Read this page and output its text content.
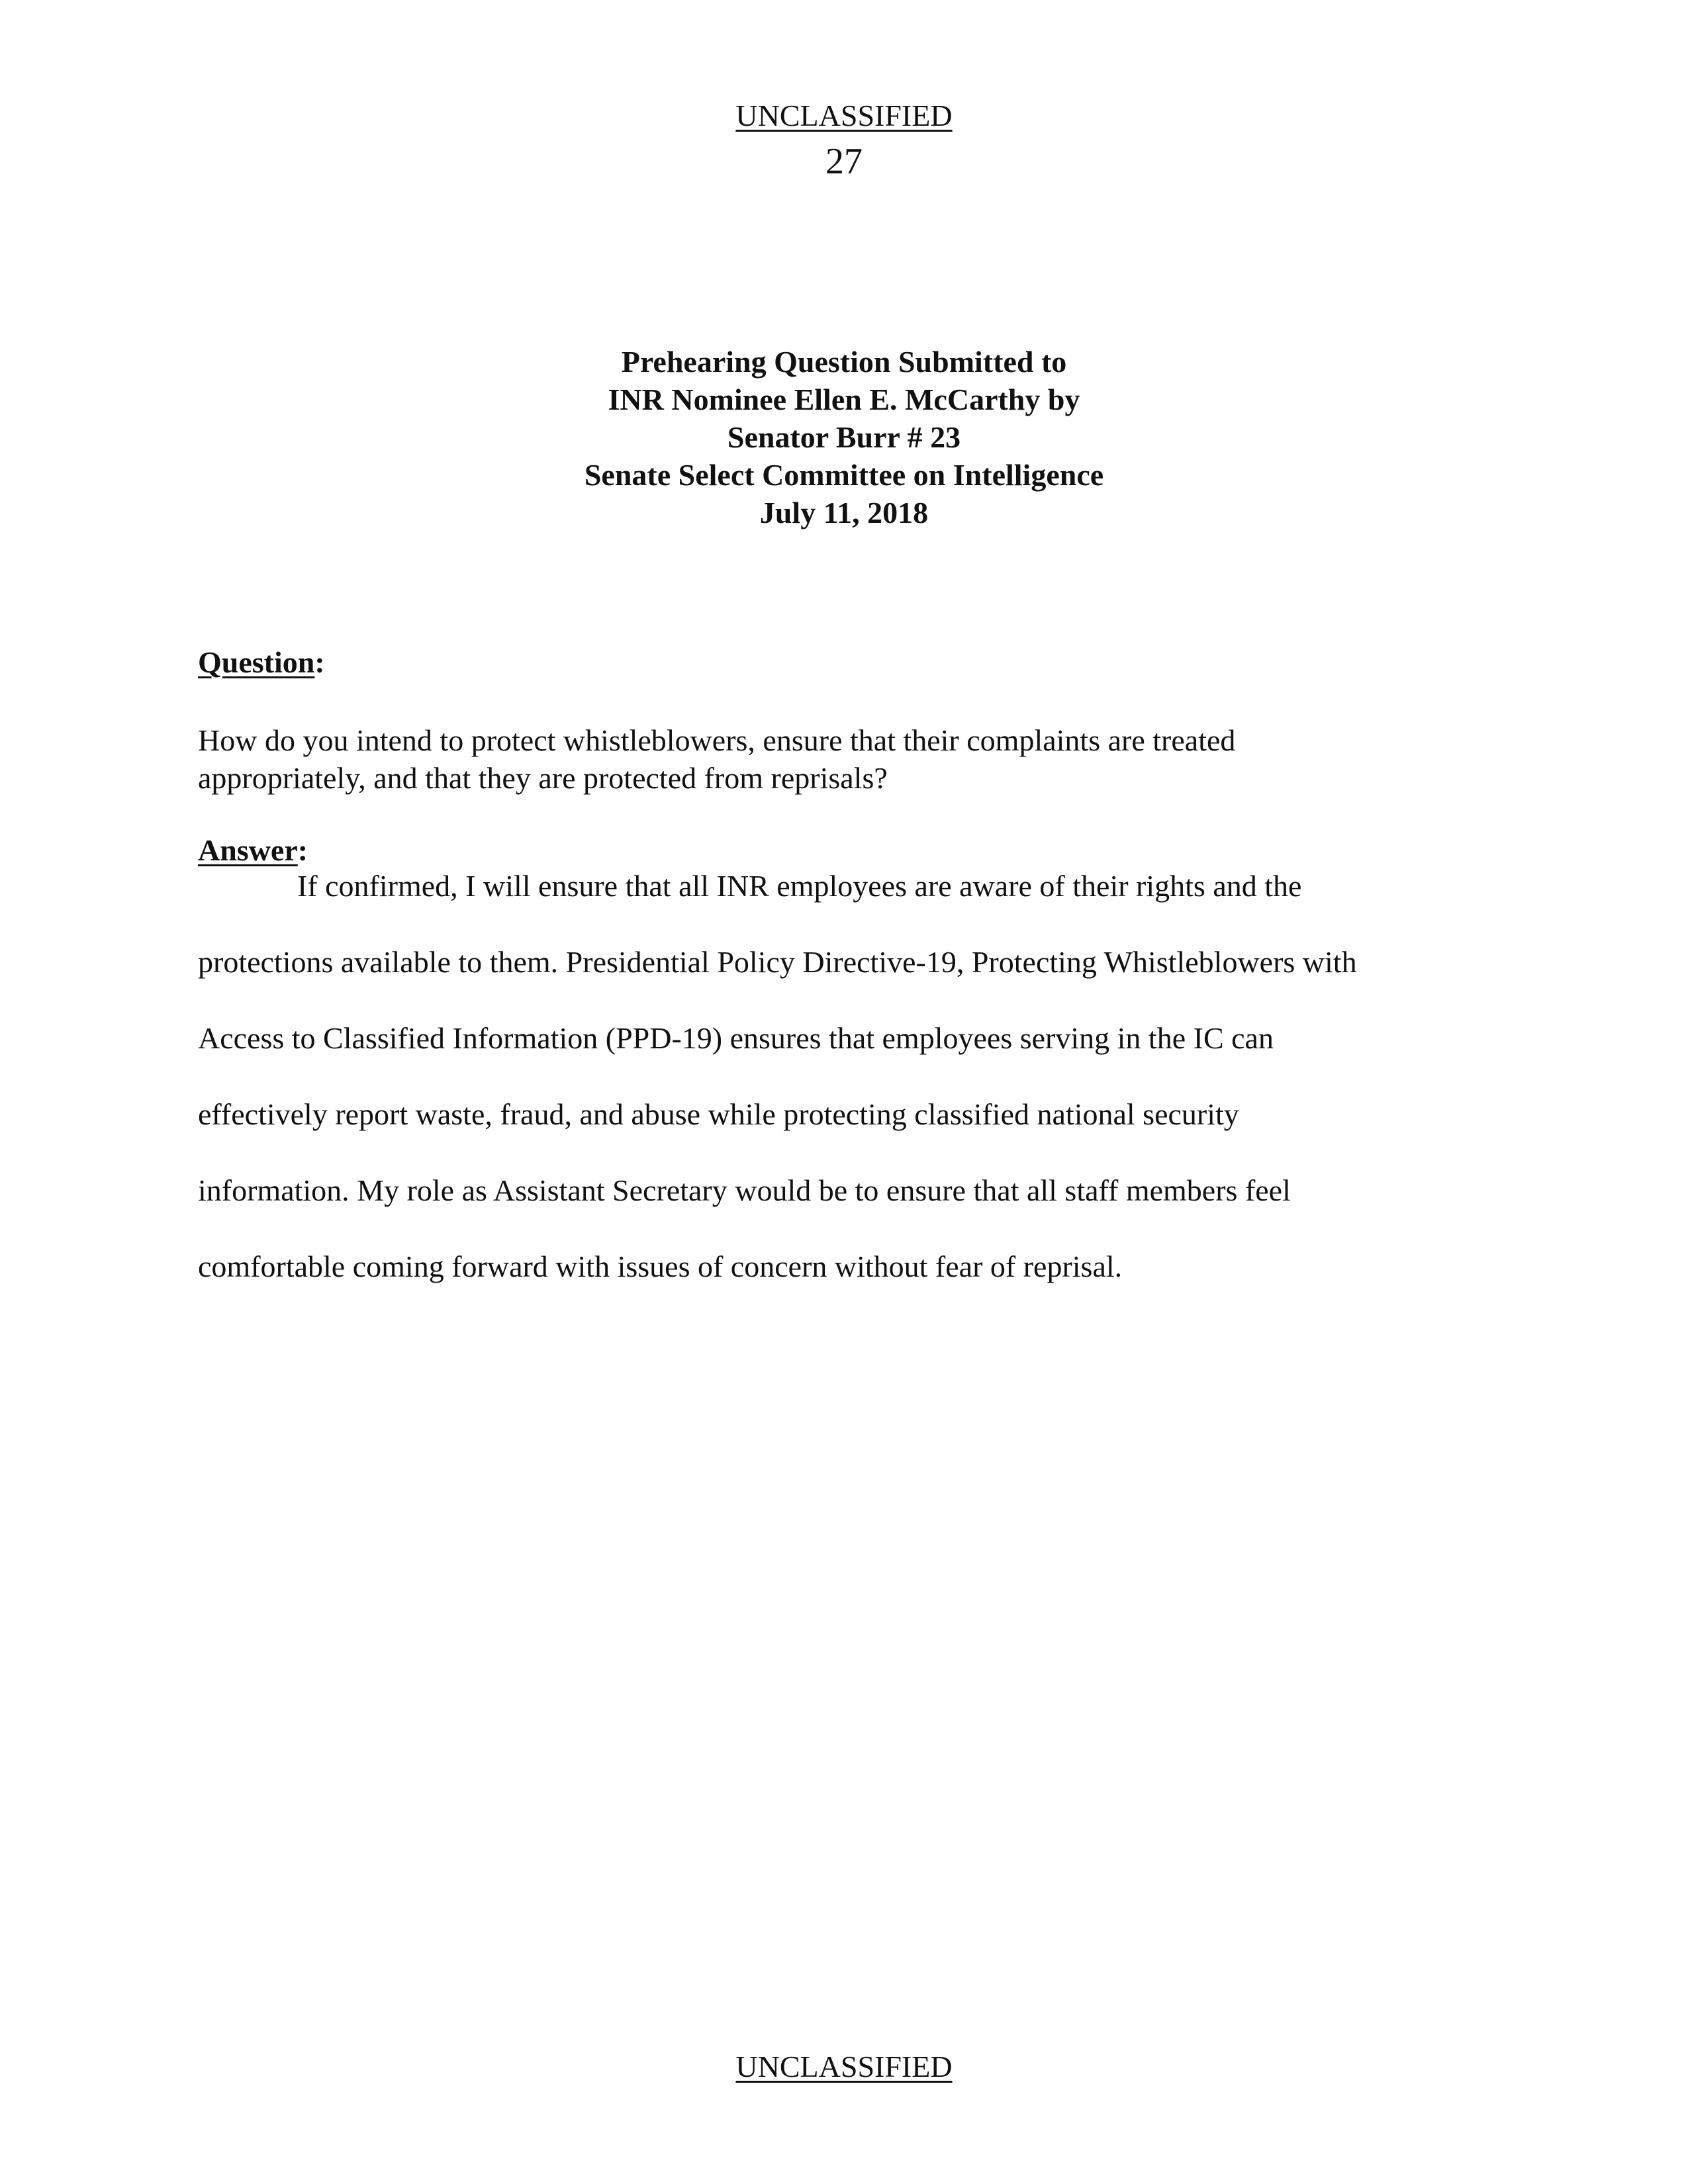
UNCLASSIFIED
27
Prehearing Question Submitted to
INR Nominee Ellen E. McCarthy by
Senator Burr # 23
Senate Select Committee on Intelligence
July 11, 2018
Question:
How do you intend to protect whistleblowers, ensure that their complaints are treated
appropriately, and that they are protected from reprisals?
Answer:
If confirmed, I will ensure that all INR employees are aware of their rights and the
protections available to them. Presidential Policy Directive-19, Protecting Whistleblowers with
Access to Classified Information (PPD-19) ensures that employees serving in the IC can
effectively report waste, fraud, and abuse while protecting classified national security
information. My role as Assistant Secretary would be to ensure that all staff members feel
comfortable coming forward with issues of concern without fear of reprisal.
UNCLASSIFIED
